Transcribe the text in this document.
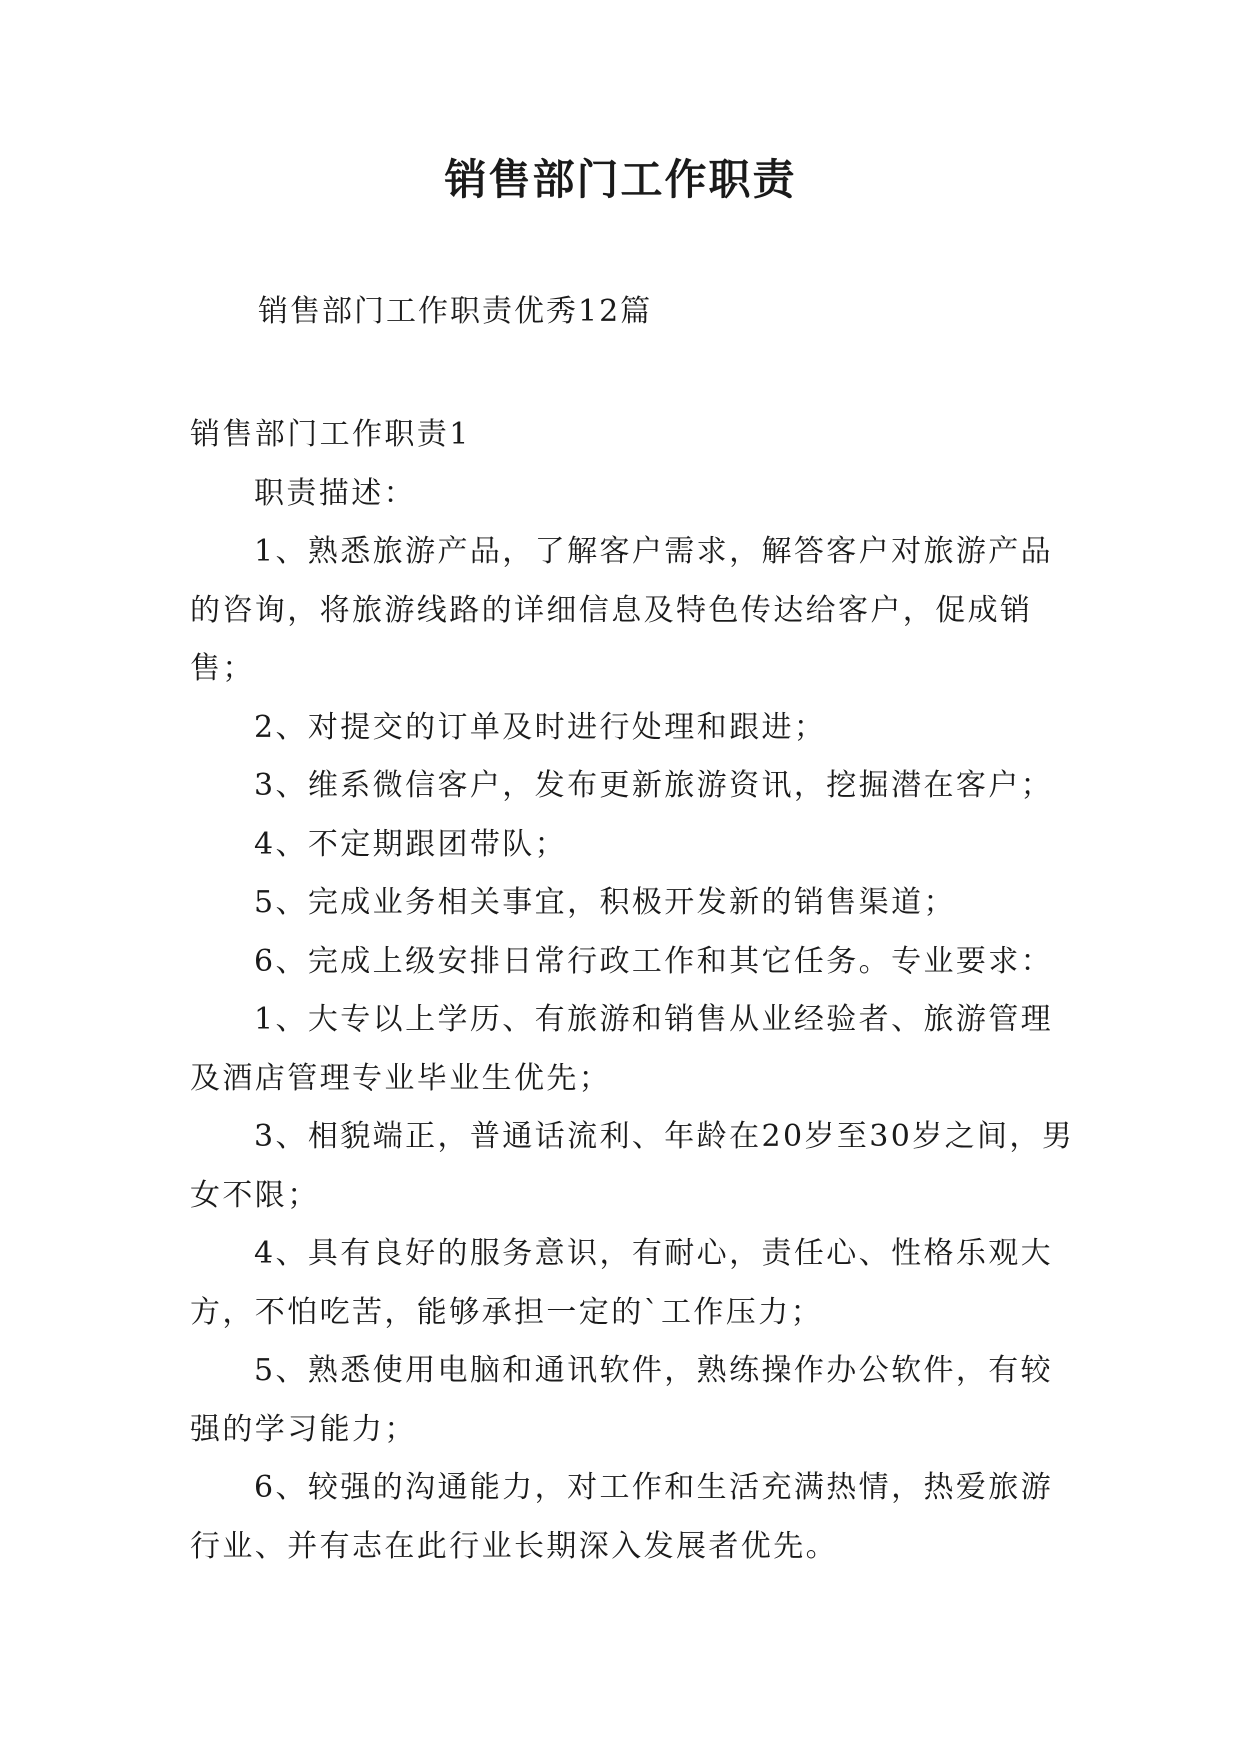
销售部门工作职责

销售部门工作职责优秀12篇

销售部门工作职责1

职责描述：

1、熟悉旅游产品，了解客户需求，解答客户对旅游产品的咨询，将旅游线路的详细信息及特色传达给客户，促成销售；

2、对提交的订单及时进行处理和跟进；

3、维系微信客户，发布更新旅游资讯，挖掘潜在客户；

4、不定期跟团带队；

5、完成业务相关事宜，积极开发新的销售渠道；

6、完成上级安排日常行政工作和其它任务。专业要求：

1、大专以上学历、有旅游和销售从业经验者、旅游管理及酒店管理专业毕业生优先；

3、相貌端正，普通话流利、年龄在20岁至30岁之间，男女不限；

4、具有良好的服务意识，有耐心，责任心、性格乐观大方，不怕吃苦，能够承担一定的`工作压力；

5、熟悉使用电脑和通讯软件，熟练操作办公软件，有较强的学习能力；

6、较强的沟通能力，对工作和生活充满热情，热爱旅游行业、并有志在此行业长期深入发展者优先。
